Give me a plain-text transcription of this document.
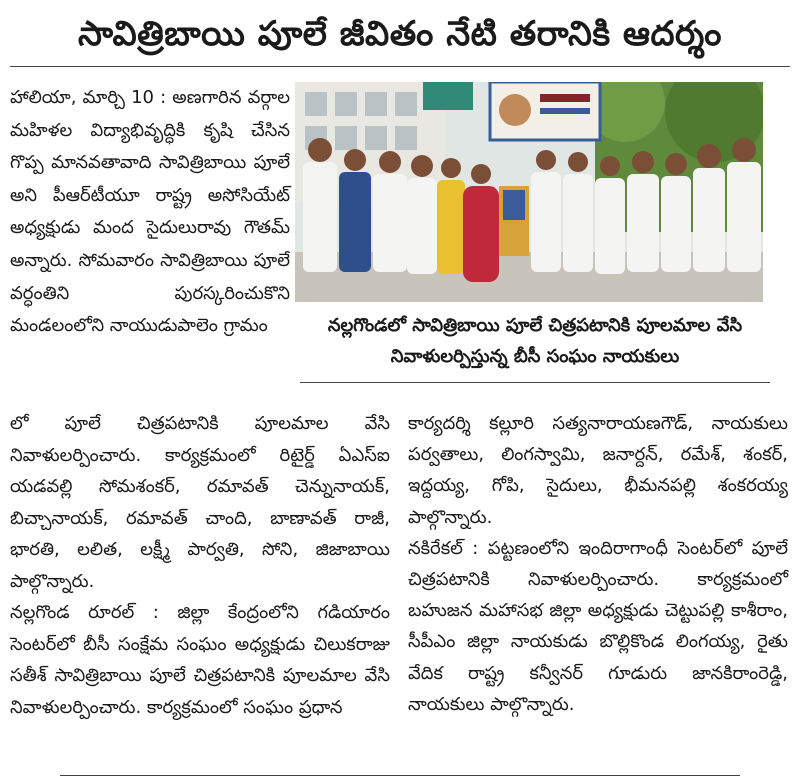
సావిత్రిబాయి పూలే జీవితం నేటి తరానికి ఆదర్శం

హాలియా, మార్చి 10 : అణగారిన వర్గాల మహిళల విద్యాభివృద్ధికి కృషి చేసిన గొప్ప మానవతావాది సావిత్రిబాయి పూలే అని పీఆర్‌టీయూ రాష్ట్ర అసోసియేట్ అధ్యక్షుడు మంద సైదులురావు గౌతమ్ అన్నారు. సోమవారం సావిత్రిబాయి పూలే వర్ధంతిని పురస్కరించుకొని మండలంలోని నాయుడుపాలెం గ్రామం	నల్లగొండలో సావిత్రిబాయి పూలే చిత్రపటానికి పూలమాల వేసి నివాళులర్పిస్తున్న బీసీ సంఘం నాయకులు

లో పూలే చిత్రపటానికి పూలమాల వేసి నివాళులర్పించారు. కార్యక్రమంలో రిటైర్డ్ ఏఎస్‌ఐ యడవల్లి సోమశంకర్, రమావత్ చెన్నునాయక్, బిచ్చానాయక్, రమావత్ చాంది, బాణావత్ రాజీ, భారతి, లలిత, లక్ష్మీ పార్వతి, సోని, జిజాబాయి పాల్గొన్నారు.

నల్లగొండ రూరల్ : జిల్లా కేంద్రంలోని గడియారం సెంటర్‌లో బీసీ సంక్షేమ సంఘం అధ్యక్షుడు చిలుకరాజు సతీశ్ సావిత్రిబాయి పూలే చిత్రపటానికి పూలమాల వేసి నివాళులర్పించారు. కార్యక్రమంలో సంఘం ప్రధాన

కార్యదర్శి కల్లూరి సత్యనారాయణగౌడ్, నాయకులు పర్వతాలు, లింగస్వామి, జనార్దన్, రమేశ్, శంకర్, ఇద్దయ్య, గోపి, సైదులు, భీమనపల్లి శంకరయ్య పాల్గొన్నారు.

నకిరేకల్ : పట్టణంలోని ఇందిరాగాంధీ సెంటర్‌లో పూలే చిత్రపటానికి నివాళులర్పించారు. కార్యక్రమంలో బహుజన మహాసభ జిల్లా అధ్యక్షుడు చెట్టుపల్లి కాశీరాం, సీపీఎం జిల్లా నాయకుడు బొల్లికొండ లింగయ్య, రైతు వేదిక రాష్ట్ర కన్వీనర్ గూడురు జానకిరాంరెడ్డి, నాయకులు పాల్గొన్నారు.
